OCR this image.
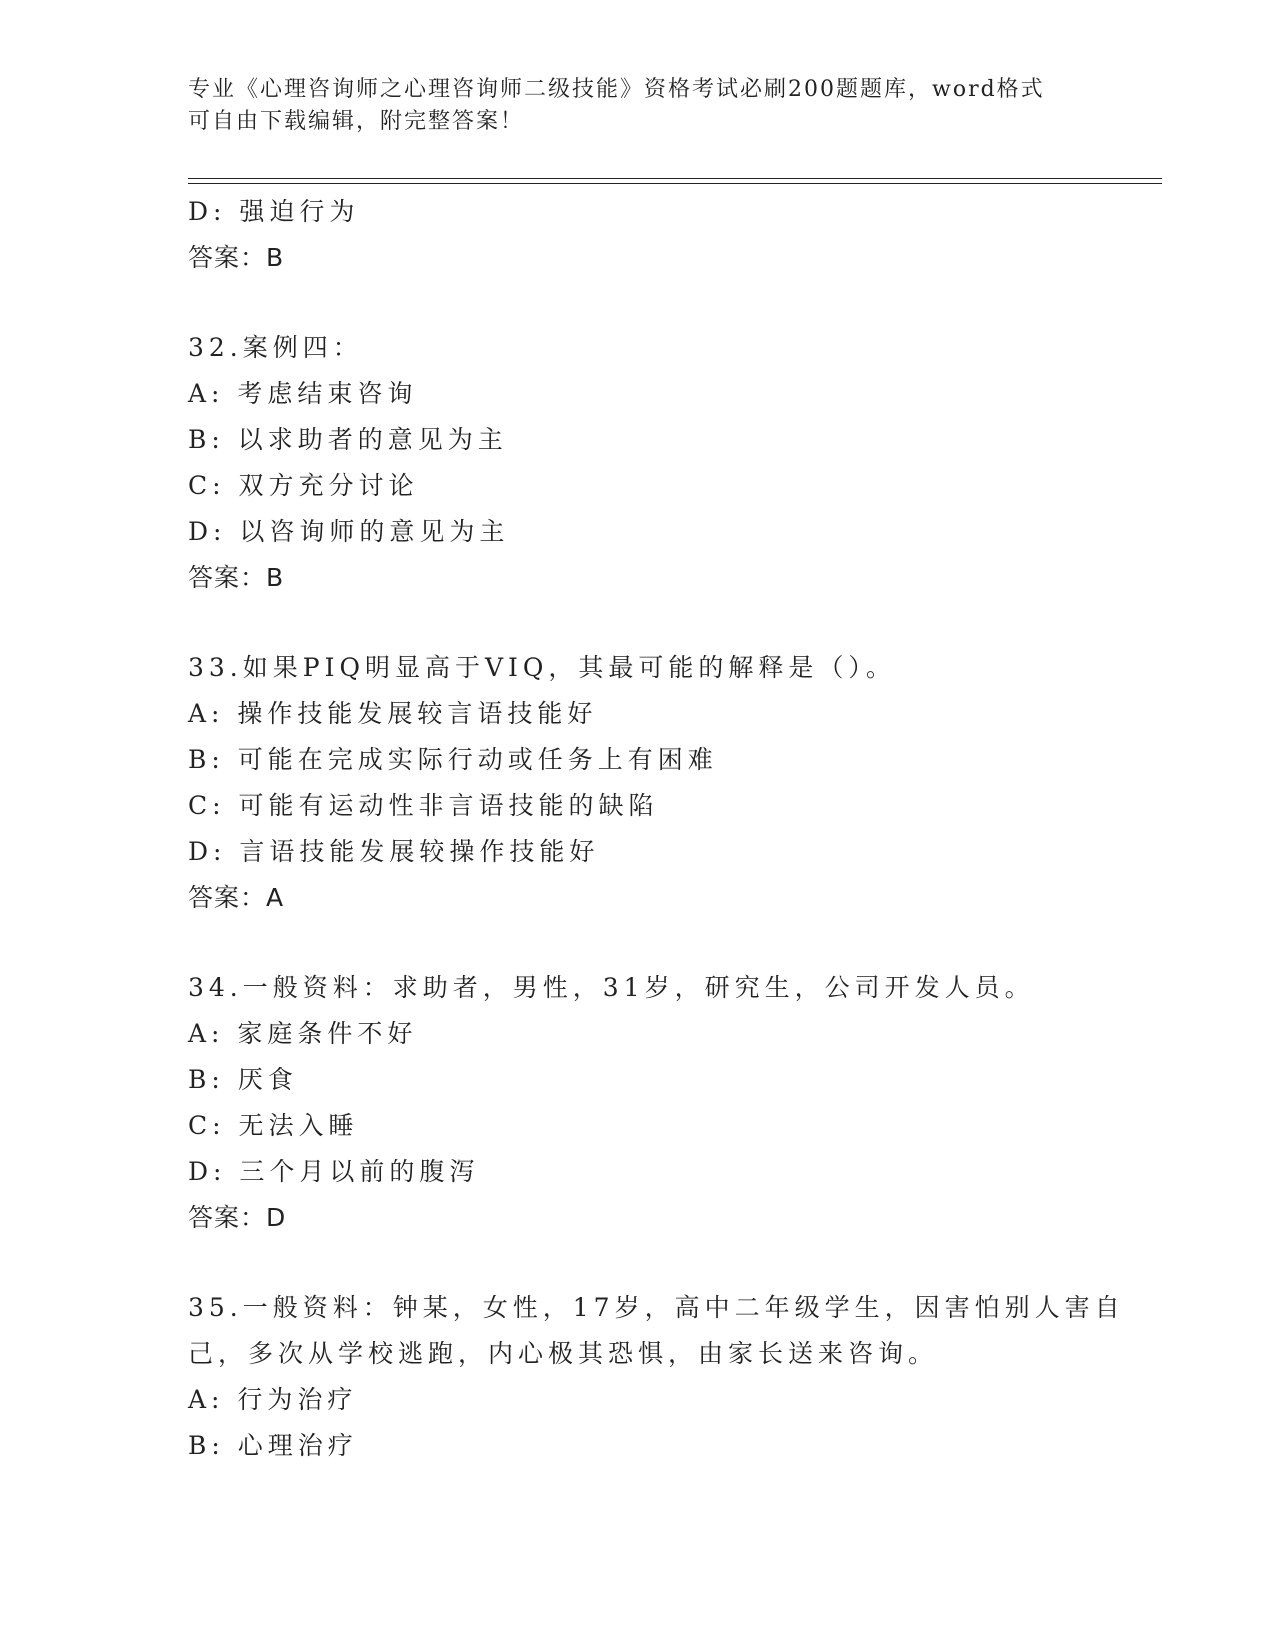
专业《心理咨询师之心理咨询师二级技能》资格考试必刷200题题库，word格式
可自由下载编辑，附完整答案！
D: 强迫行为
答案：B
32.案例四：
A: 考虑结束咨询
B: 以求助者的意见为主
C: 双方充分讨论
D: 以咨询师的意见为主
答案：B
33.如果PIQ明显高于VIQ，其最可能的解释是（）。
A: 操作技能发展较言语技能好
B: 可能在完成实际行动或任务上有困难
C: 可能有运动性非言语技能的缺陷
D: 言语技能发展较操作技能好
答案：A
34.一般资料：求助者，男性，31岁，研究生，公司开发人员。
A: 家庭条件不好
B: 厌食
C: 无法入睡
D: 三个月以前的腹泻
答案：D
35.一般资料：钟某，女性，17岁，高中二年级学生，因害怕别人害自
己，多次从学校逃跑，内心极其恐惧，由家长送来咨询。
A: 行为治疗
B: 心理治疗
